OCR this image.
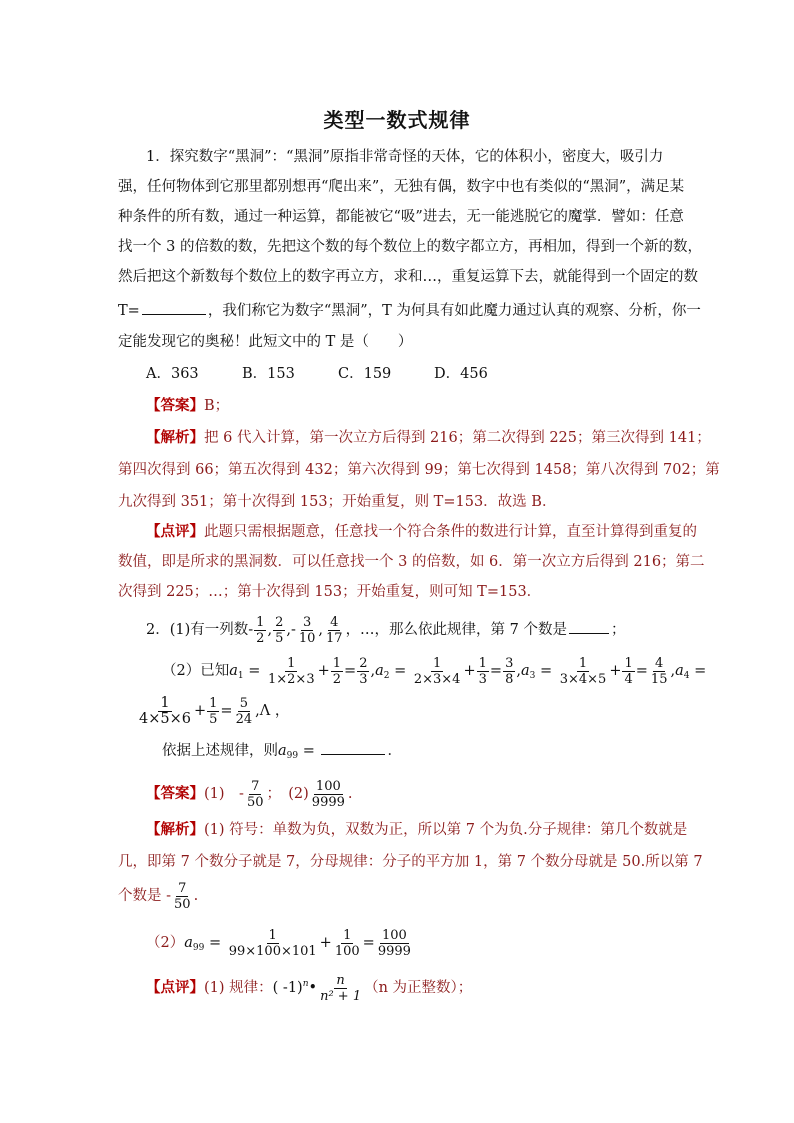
类型一数式规律
1．探究数字“黑洞”：“黑洞”原指非常奇怪的天体，它的体积小，密度大，吸引力
强，任何物体到它那里都别想再“爬出来”，无独有偶，数字中也有类似的“黑洞”，满足某
种条件的所有数，通过一种运算，都能被它“吸”进去，无一能逃脱它的魔掌．譬如：任意
找一个 3 的倍数的数，先把这个数的每个数位上的数字都立方，再相加，得到一个新的数，
然后把这个新数每个数位上的数字再立方，求和…，重复运算下去，就能得到一个固定的数
T=	，我们称它为数字“黑洞”，T 为何具有如此魔力通过认真的观察、分析，你一
定能发现它的奥秘！此短文中的 T 是（　　）
A．363	B．153	C．159	D．456
【答案】B；
【解析】把 6 代入计算，第一次立方后得到 216；第二次得到 225；第三次得到 141；
第四次得到 66；第五次得到 432；第六次得到 99；第七次得到 1458；第八次得到 702；第
九次得到 351；第十次得到 153；开始重复，则 T=153．故选 B．
【点评】此题只需根据题意，任意找一个符合条件的数进行计算，直至计算得到重复的
数值，即是所求的黑洞数．可以任意找一个 3 的倍数，如 6．第一次立方后得到 216；第二
次得到 225；…；第十次得到 153；开始重复，则可知 T=153．
2．(1)有一列数- $\frac{1}{2}$ , $\frac{2}{5}$ ,- $\frac{3}{10}$ , $\frac{4}{17}$ ，…，那么依此规律，第 7 个数是	；
（2）已知$a_1 = \frac{1}{1\times 2\times 3} + \frac{1}{2} = \frac{2}{3} ,a_2 = \frac{1}{2\times 3\times 4} + \frac{1}{3} = \frac{3}{8} ,a_3 = \frac{1}{3\times 4\times 5} + \frac{1}{4} = \frac{4}{15} ,a_4$ =
$\frac{1}{4\times 5\times 6} + \frac{1}{5} = \frac{5}{24} ,\Lambda$ ，
依据上述规律，则$a_{99}$ =	．
【答案】(1)　- $\frac{7}{50}$ ；　$(2) \frac{100}{9999}$ .
【解析】(1) 符号：单数为负，双数为正，所以第 7 个为负.分子规律：第几个数就是
几，即第 7 个数分子就是 7，分母规律：分子的平方加 1，第 7 个数分母就是 50.所以第 7
个数是 - $\frac{7}{50}$ .
$(2)a_{99} = \frac{1}{99\times 100\times 101} + \frac{1}{100} = \frac{100}{9999}$
【点评】(1) 规律：( -1)$^n$• $\frac{n}{\text{n² + 1}} (n$ 为正整数）；
